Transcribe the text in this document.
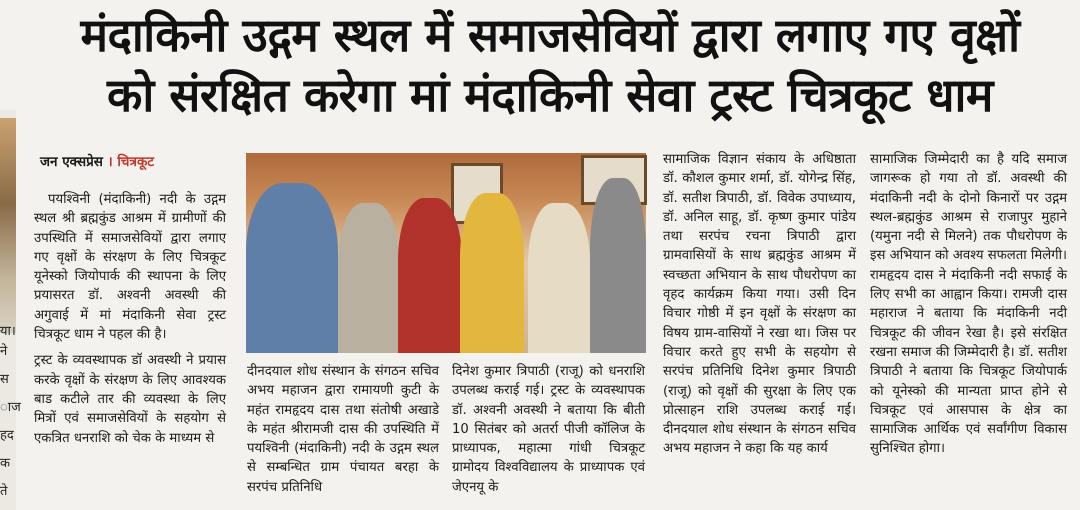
मंदाकिनी उद्गम स्थल में समाजसेवियों द्वारा लगाए गए वृक्षों
को संरक्षित करेगा मां मंदाकिनी सेवा ट्रस्ट चित्रकूट धाम
या।
ने
स
ाज
हद
क
ते
जन एक्सप्रेस । चित्रकूट

पयश्विनी (मंदाकिनी) नदी के उद्गम स्थल श्री ब्रह्मकुंड आश्रम में ग्रामीणों की उपस्थिति में समाजसेवियों द्वारा लगाए गए वृक्षों के संरक्षण के लिए चित्रकूट यूनेस्को जियोपार्क की स्थापना के लिए प्रयासरत डॉ. अश्वनी अवस्थी की अगुवाई में मां मंदाकिनी सेवा ट्रस्ट चित्रकूट धाम ने पहल की है।

ट्रस्ट के व्यवस्थापक डॉ अवस्थी ने प्रयास करके वृक्षों के संरक्षण के लिए आवश्यक बाड कटीले तार की व्यवस्था के लिए मित्रों एवं समाजसेवियों के सहयोग से एकत्रित धनराशि को चेक के माध्यम से

दीनदयाल शोध संस्थान के संगठन सचिव अभय महाजन द्वारा रामायणी कुटी के महंत रामहृदय दास तथा संतोषी अखाडे के महंत श्रीरामजी दास की उपस्थिति में पयश्विनी (मंदाकिनी) नदी के उद्गम स्थल से सम्बन्धित ग्राम पंचायत बरहा के सरपंच प्रतिनिधि

दिनेश कुमार त्रिपाठी (राजू) को धनराशि उपलब्ध कराई गई। ट्रस्ट के व्यवस्थापक डॉ. अश्वनी अवस्थी ने बताया कि बीती 10 सितंबर को अतर्रा पीजी कॉलिज के प्राध्यापक, महात्मा गांधी चित्रकूट ग्रामोदय विश्वविद्यालय के प्राध्यापक एवं जेएनयू के

सामाजिक विज्ञान संकाय के अधिष्ठाता डॉ. कौशल कुमार शर्मा, डॉ. योगेन्द्र सिंह, डॉ. सतीश त्रिपाठी, डॉ. विवेक उपाध्याय, डॉ. अनिल साहू, डॉ. कृष्ण कुमार पांडेय तथा सरपंच रचना त्रिपाठी द्वारा ग्रामवासियों के साथ ब्रह्मकुंड आश्रम में स्वच्छता अभियान के साथ पौधरोपण का वृहद कार्यक्रम किया गया। उसी दिन विचार गोष्ठी में इन वृक्षों के संरक्षण का विषय ग्राम-वासियों ने रखा था। जिस पर विचार करते हुए सभी के सहयोग से सरपंच प्रतिनिधि दिनेश कुमार त्रिपाठी (राजू) को वृक्षों की सुरक्षा के लिए एक प्रोत्साहन राशि उपलब्ध कराई गई। दीनदयाल शोध संस्थान के संगठन सचिव अभय महाजन ने कहा कि यह कार्य

सामाजिक जिम्मेदारी का है यदि समाज जागरूक हो गया तो डॉ. अवस्थी की मंदाकिनी नदी के दोनो किनारों पर उद्गम स्थल-ब्रह्मकुंड आश्रम से राजापुर मुहाने (यमुना नदी से मिलने) तक पौधरोपण के इस अभियान को अवश्य सफलता मिलेगी। रामहृदय दास ने मंदाकिनी नदी सफाई के लिए सभी का आह्वान किया। रामजी दास महाराज ने बताया कि मंदाकिनी नदी चित्रकूट की जीवन रेखा है। इसे संरक्षित रखना समाज की जिम्मेदारी है। डॉ. सतीश त्रिपाठी ने बताया कि चित्रकूट जियोपार्क को यूनेस्को की मान्यता प्राप्त होने से चित्रकूट एवं आसपास के क्षेत्र का सामाजिक आर्थिक एवं सर्वांगीण विकास सुनिश्चित होगा।
